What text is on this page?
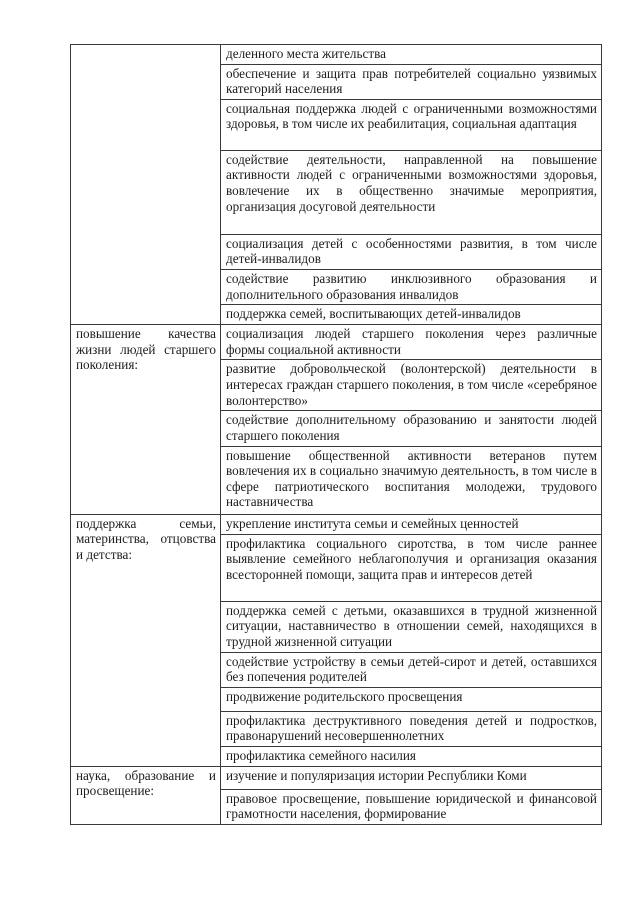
	деленного места жительства

	обеспечение и защита прав потребителей социально уязвимых категорий населения

	социальная поддержка людей с ограниченными возможностями здоровья, в том числе их реабилитация, социальная адаптация

	содействие деятельности, направленной на повышение активности людей с ограниченными возможностями здоровья, вовлечение их в общественно значимые мероприятия, организация досуговой деятельности

	социализация детей с особенностями развития, в том числе детей-инвалидов

	содействие развитию инклюзивного образования и дополнительного образования инвалидов

	поддержка семей, воспитывающих детей-инвалидов

повышение качества жизни людей старшего поколения:	социализация людей старшего поколения через различные формы социальной активности

	развитие добровольческой (волонтерской) деятельности в интересах граждан старшего поколения, в том числе «серебряное волонтерство»

	содействие дополнительному образованию и занятости людей старшего поколения

	повышение общественной активности ветеранов путем вовлечения их в социально значимую деятельность, в том числе в сфере патриотического воспитания молодежи, трудового наставничества

поддержка семьи, материнства, отцовства и детства:	укрепление института семьи и семейных ценностей

	профилактика социального сиротства, в том числе раннее выявление семейного неблагополучия и организация оказания всесторонней помощи, защита прав и интересов детей

	поддержка семей с детьми, оказавшихся в трудной жизненной ситуации, наставничество в отношении семей, находящихся в трудной жизненной ситуации

	содействие устройству в семьи детей-сирот и детей, оставшихся без попечения родителей

	продвижение родительского просвещения

	профилактика деструктивного поведения детей и подростков, правонарушений несовершеннолетних

	профилактика семейного насилия

наука, образование и просвещение:	изучение и популяризация истории Республики Коми

	правовое просвещение, повышение юридической и финансовой грамотности населения, формирование
